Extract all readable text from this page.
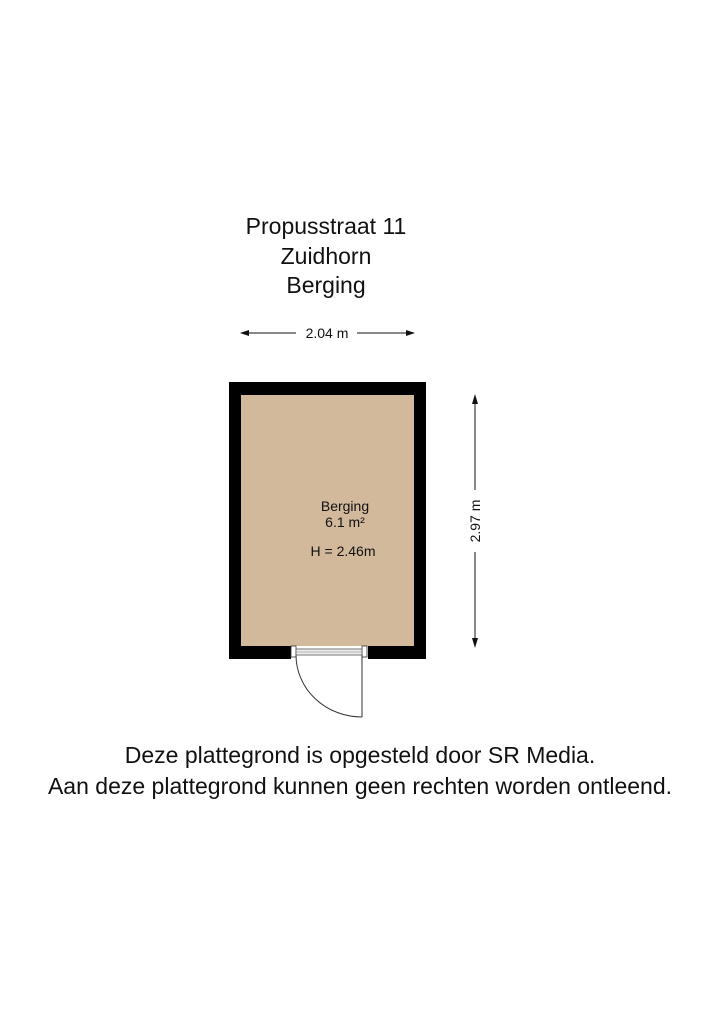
Propusstraat 11
Zuidhorn
Berging
2.04 m
2.97 m
Berging
6.1 m²
H = 2.46m
Deze plattegrond is opgesteld door SR Media.
Aan deze plattegrond kunnen geen rechten worden ontleend.
